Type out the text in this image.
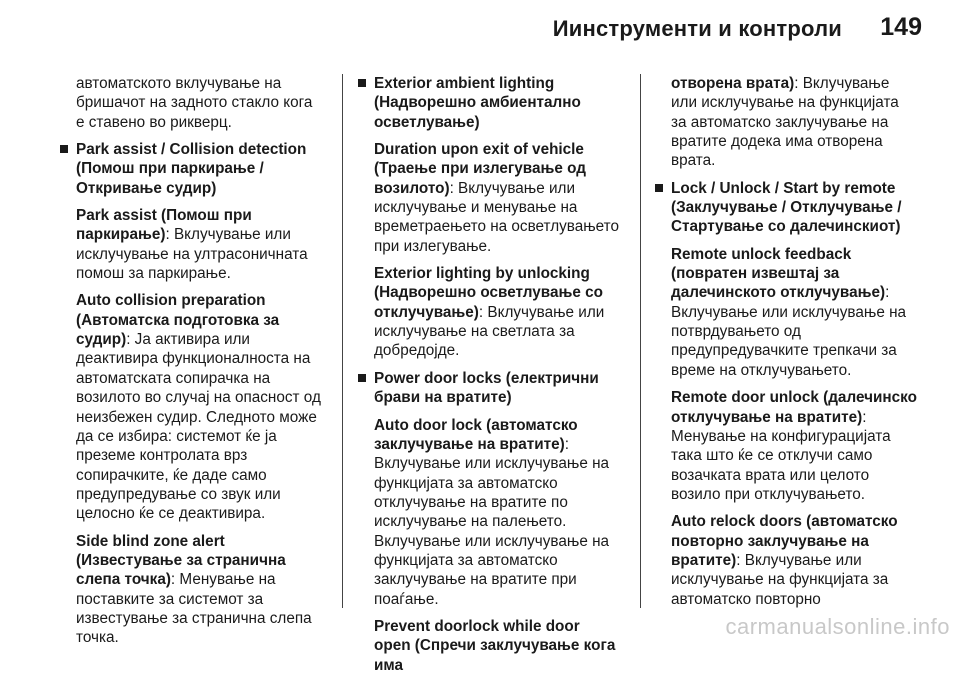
Иинструменти и контроли 149

автоматското вклучување на бришачот на задното стакло кога е ставено во рикверц.

Park assist / Collision detection (Помош при паркирање / Откривање судир)

Park assist (Помош при паркирање): Вклучување или исклучување на ултрасоничната помош за паркирање.

Auto collision preparation (Автоматска подготовка за судир): Ја активира или деактивира функционалноста на автоматската сопирачка на возилото во случај на опасност од неизбежен судир. Следното може да се избира: системот ќе ја преземе контролата врз сопирачките, ќе даде само предупредување со звук или целосно ќе се деактивира.

Side blind zone alert (Известување за странична слепа точка): Менување на поставките за системот за известување за странична слепа точка.

Exterior ambient lighting (Надворешно амбиентално осветлување)

Duration upon exit of vehicle (Траење при излегување од возилото): Вклучување или исклучување и менување на времетраењето на осветлувањето при излегување.

Exterior lighting by unlocking (Надворешно осветлување со отклучување): Вклучување или исклучување на светлата за добредојде.

Power door locks (електрични брави на вратите)

Auto door lock (автоматско заклучување на вратите): Вклучување или исклучување на функцијата за автоматско отклучување на вратите по исклучување на палењето. Вклучување или исклучување на функцијата за автоматско заклучување на вратите при поаѓање.

Prevent doorlock while door open (Спречи заклучување кога има

отворена врата): Вклучување или исклучување на функцијата за автоматско заклучување на вратите додека има отворена врата.

Lock / Unlock / Start by remote (Заклучување / Отклучување / Стартување со далечинскиот)

Remote unlock feedback (повратен извештај за далечинското отклучување): Вклучување или исклучување на потврдувањето од предупредувачките трепкачи за време на отклучувањето.

Remote door unlock (далечинско отклучување на вратите): Менување на конфигурацијата така што ќе се отклучи само возачката врата или целото возило при отклучувањето.

Auto relock doors (автоматско повторно заклучување на вратите): Вклучување или исклучување на функцијата за автоматско повторно

carmanualsonline.info
